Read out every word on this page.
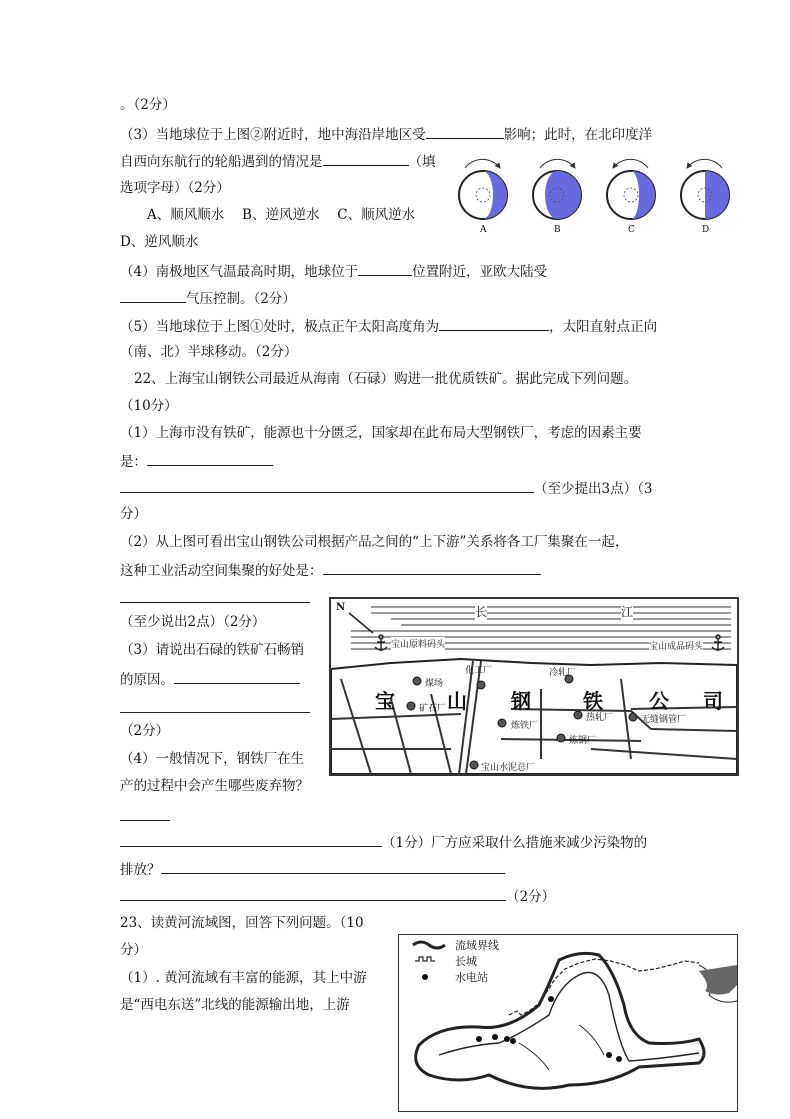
。（2分）
（3）当地球位于上图②附近时，地中海沿岸地区受	影响；此时，在北印度洋
自西向东航行的轮船遇到的情况是	（填
选项字母）（2分）
A、顺风顺水　 B、逆风逆水　 C、顺风逆水
D、逆风顺水
A	B	C	D
（4）南极地区气温最高时期，地球位于	位置附近，亚欧大陆受
气压控制。（2分）
（5）当地球位于上图①处时，极点正午太阳高度角为	，太阳直射点正向
（南、北）半球移动。（2分）
22、上海宝山钢铁公司最近从海南（石碌）购进一批优质铁矿。据此完成下列问题。
（10分）
（1）上海市没有铁矿，能源也十分匮乏，国家却在此布局大型钢铁厂，考虑的因素主要
是：
（至少提出3点）（3
分）
（2）从上图可看出宝山钢铁公司根据产品之间的“上下游”关系将各工厂集聚在一起，
这种工业活动空间集聚的好处是：
（至少说出2点）（2分）
（3）请说出石碌的铁矿石畅销
的原因。
（2分）
（4）一般情况下，钢铁厂在生
产的过程中会产生哪些废弃物？
（1分）厂方应采取什么措施来减少污染物的
排放？
（2分）
N	长	江
宝山原料码头	宝山成品码头
化工厂
煤场
矿石厂
冷轧厂
炼铁厂
热轧厂	无缝钢管厂
炼钢厂
宝山水泥总厂
宝	山 钢	铁 公 司
23、读黄河流域图，回答下列问题。（10
分）
（1）. 黄河流域有丰富的能源，其上中游
是“西电东送”北线的能源输出地，上游
流域界线
长城
水电站
